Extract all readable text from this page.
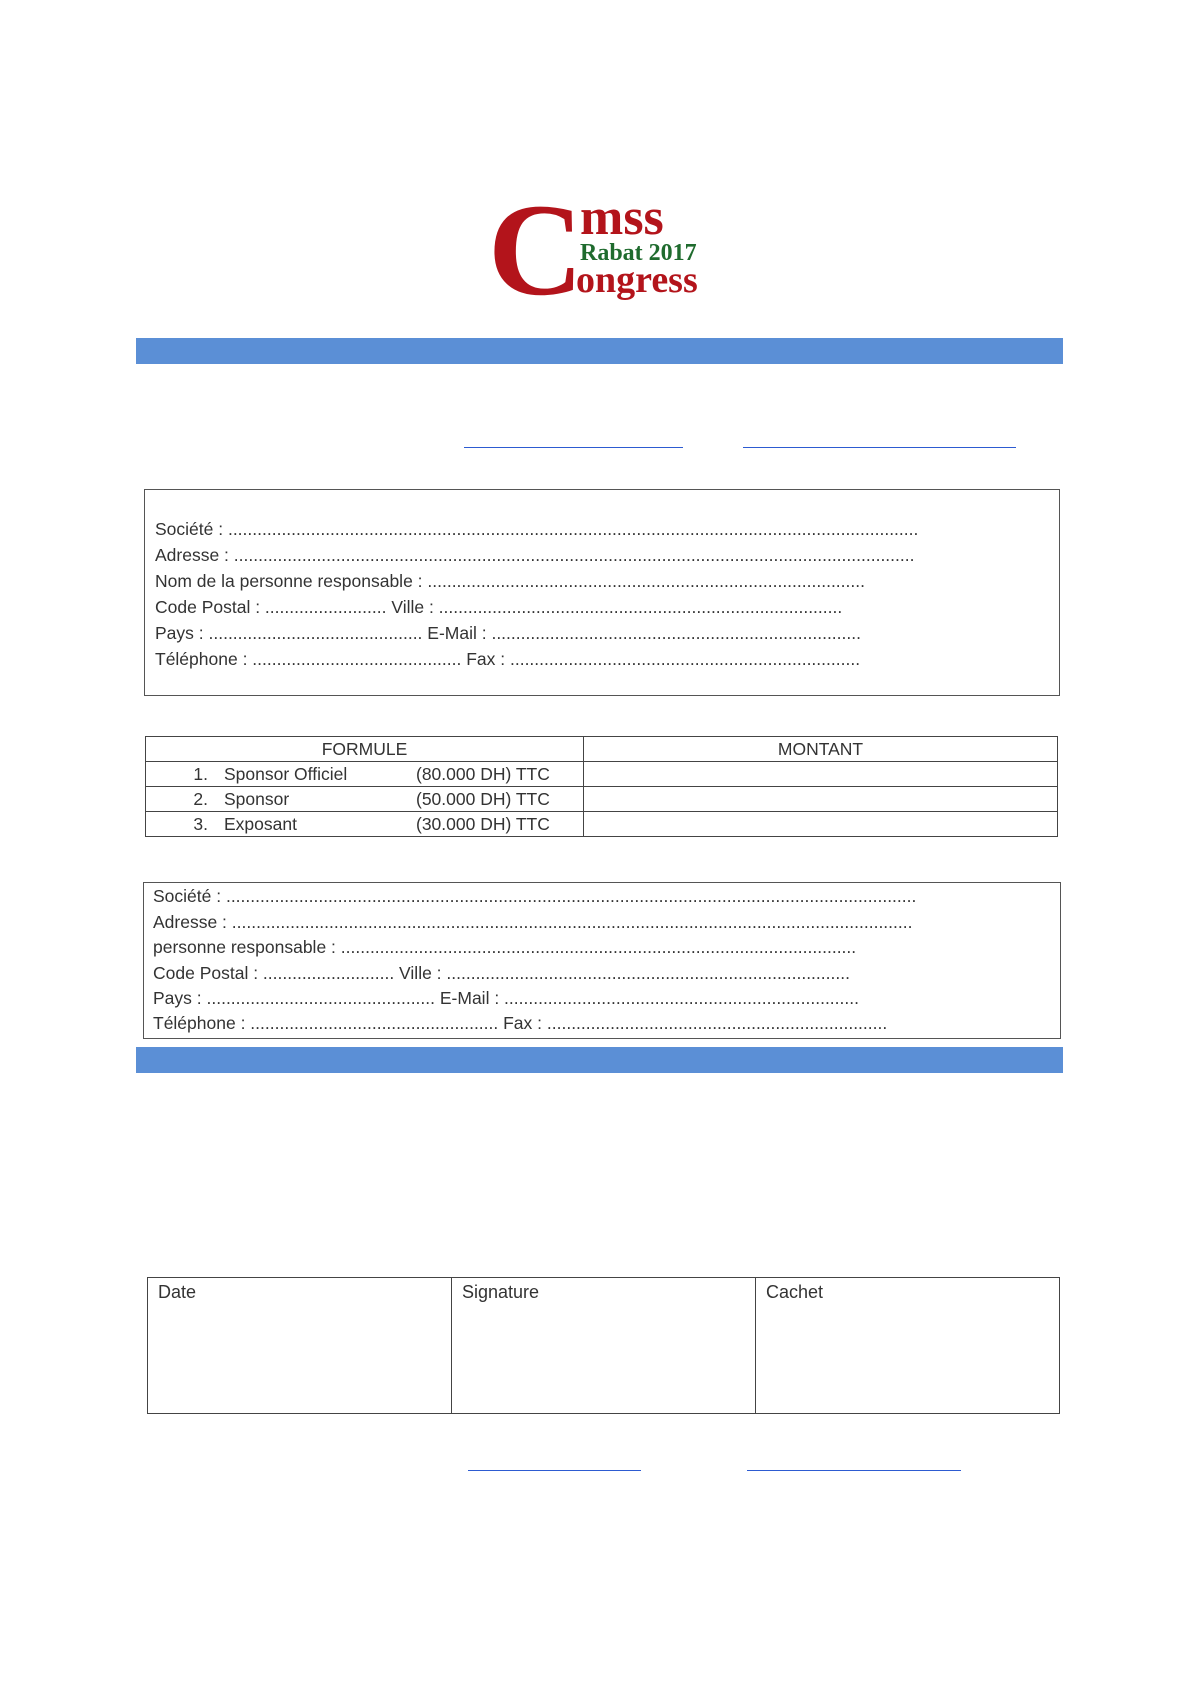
C mss
Rabat 2017
ongress
Société : ..............................................................................................................................................
Adresse : ............................................................................................................................................
Nom de la personne responsable : ..........................................................................................
Code Postal : ......................... Ville : ...................................................................................
Pays : ............................................ E-Mail : ............................................................................
Téléphone : ........................................... Fax : ........................................................................
FORMULE	MONTANT
1. Sponsor Officiel (80.000 DH) TTC	
2. Sponsor (50.000 DH) TTC	
3. Exposant (30.000 DH) TTC	
Société : ..............................................................................................................................................
Adresse : ............................................................................................................................................
personne responsable : ..........................................................................................................
Code Postal : ........................... Ville : ...................................................................................
Pays : ............................................... E-Mail : .........................................................................
Téléphone : ................................................... Fax : ......................................................................
Date	Signature	Cachet
